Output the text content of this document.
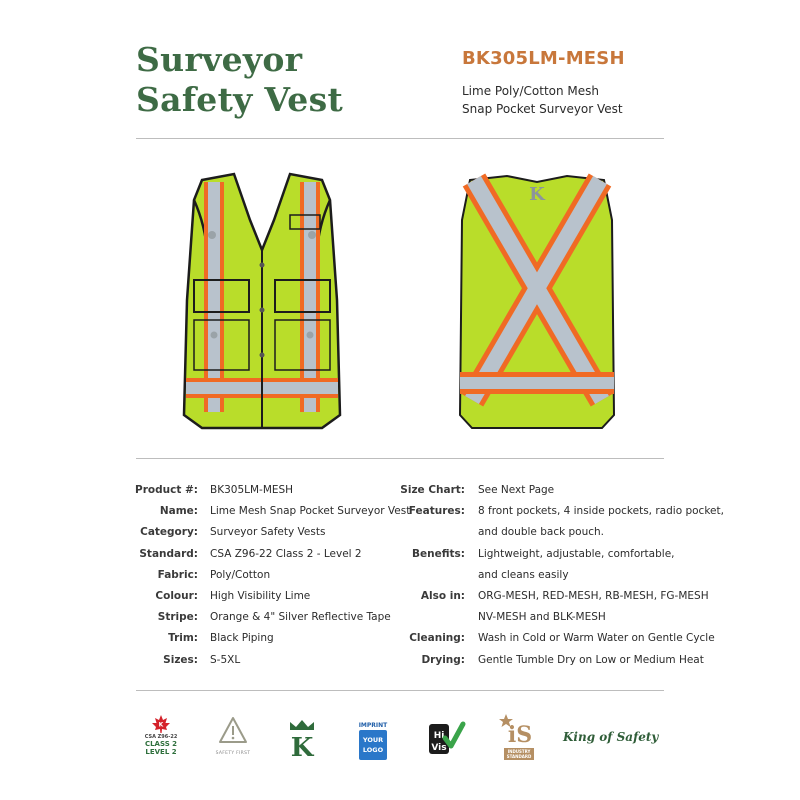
Surveyor
Safety Vest
BK305LM-MESH
Lime Poly/Cotton Mesh
Snap Pocket Surveyor Vest
K
Product #: BK305LM-MESH
Name: Lime Mesh Snap Pocket Surveyor Vest
Category: Surveyor Safety Vests
Standard: CSA Z96-22 Class 2 - Level 2
Fabric: Poly/Cotton
Colour: High Visibility Lime
Stripe: Orange & 4" Silver Reflective Tape
Trim: Black Piping
Sizes: S-5XL
Size Chart: See Next Page
Features: 8 front pockets, 4 inside pockets, radio pocket,
and double back pouch.
Benefits: Lightweight, adjustable, comfortable,
and cleans easily
Also in: ORG-MESH, RED-MESH, RB-MESH, FG-MESH
NV-MESH and BLK-MESH
Cleaning: Wash in Cold or Warm Water on Gentle Cycle
Drying: Gentle Tumble Dry on Low or Medium Heat
K
CSA Z96-22
CLASS 2
LEVEL 2	SAFETY FIRST K
IMPRINT
YOUR
LOGO
Hi
Vis	iS
INDUSTRY
STANDARD
King of Safety
